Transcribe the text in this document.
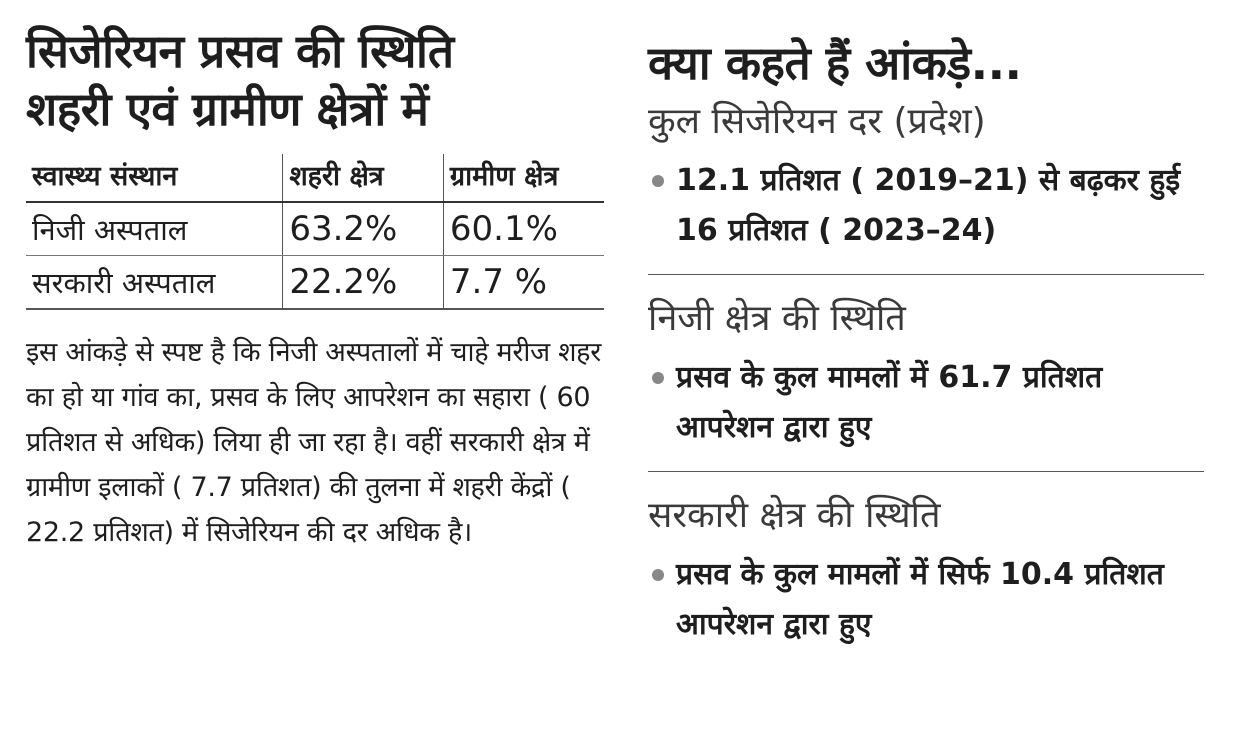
सिजेरियन प्रसव की स्थिति
शहरी एवं ग्रामीण क्षेत्रों में
स्वास्थ्य संस्थान	शहरी क्षेत्र	ग्रामीण क्षेत्र
निजी अस्पताल	63.2%	60.1%
सरकारी अस्पताल	22.2%	7.7 %

इस आंकड़े से स्पष्ट है कि निजी अस्पतालों में चाहे मरीज शहर का हो या गांव का, प्रसव के लिए आपरेशन का सहारा ( 60 प्रतिशत से अधिक) लिया ही जा रहा है। वहीं सरकारी क्षेत्र में ग्रामीण इलाकों ( 7.7 प्रतिशत) की तुलना में शहरी केंद्रों ( 22.2 प्रतिशत) में सिजेरियन की दर अधिक है।

क्या कहते हैं आंकड़े...
कुल सिजेरियन दर (प्रदेश)
12.1 प्रतिशत ( 2019–21) से बढ़कर हुई 16 प्रतिशत ( 2023–24)
निजी क्षेत्र की स्थिति
प्रसव के कुल मामलों में 61.7 प्रतिशत आपरेशन द्वारा हुए
सरकारी क्षेत्र की स्थिति
प्रसव के कुल मामलों में सिर्फ 10.4 प्रतिशत आपरेशन द्वारा हुए
